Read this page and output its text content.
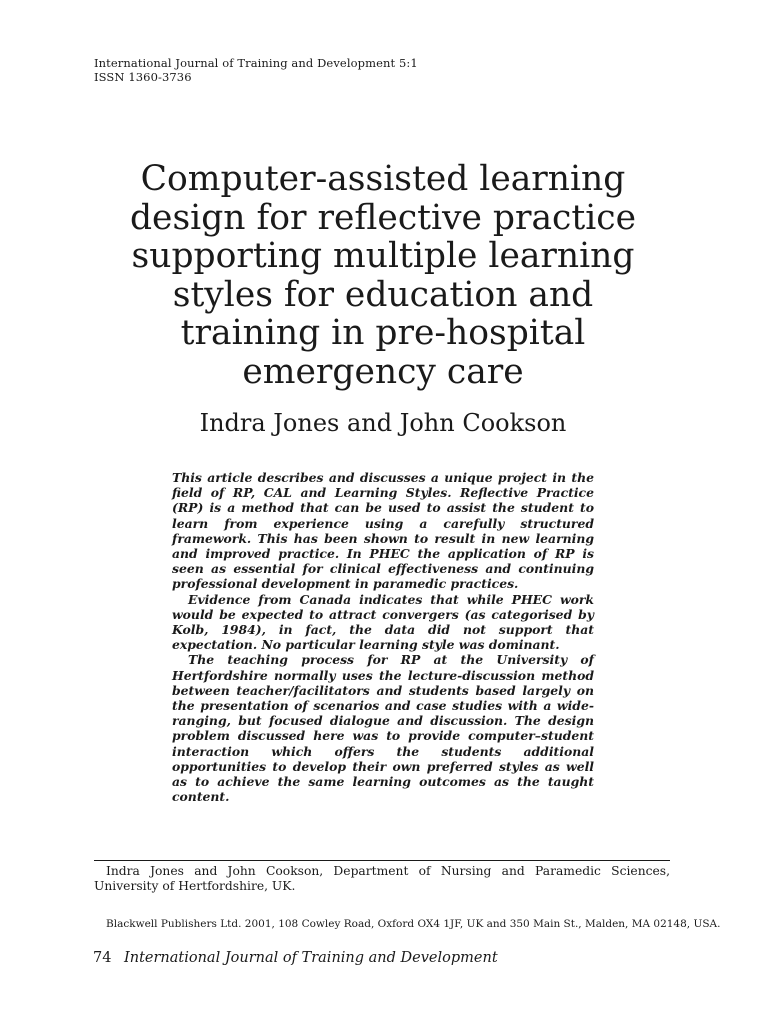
International Journal of Training and Development 5:1
ISSN 1360-3736
Computer-assisted learning
design for reflective practice
supporting multiple learning
styles for education and
training in pre-hospital
emergency care
Indra Jones and John Cookson

This article describes and discusses a unique project in the field of RP, CAL and Learning Styles. Reflective Practice (RP) is a method that can be used to assist the student to learn from experience using a carefully structured framework. This has been shown to result in new learning and improved practice. In PHEC the application of RP is seen as essential for clinical effectiveness and continuing professional development in paramedic practices.

Evidence from Canada indicates that while PHEC work would be expected to attract convergers (as categorised by Kolb, 1984), in fact, the data did not support that expectation. No particular learning style was dominant.

The teaching process for RP at the University of Hertfordshire normally uses the lecture-discussion method between teacher/facilitators and students based largely on the presentation of scenarios and case studies with a wide-ranging, but focused dialogue and discussion. The design problem discussed here was to provide computer–student interaction which offers the students additional opportunities to develop their own preferred styles as well as to achieve the same learning outcomes as the taught content.

Indra Jones and John Cookson, Department of Nursing and Paramedic Sciences, University of Hertfordshire, UK.
Blackwell Publishers Ltd. 2001, 108 Cowley Road, Oxford OX4 1JF, UK and 350 Main St., Malden, MA 02148, USA.
74 International Journal of Training and Development
